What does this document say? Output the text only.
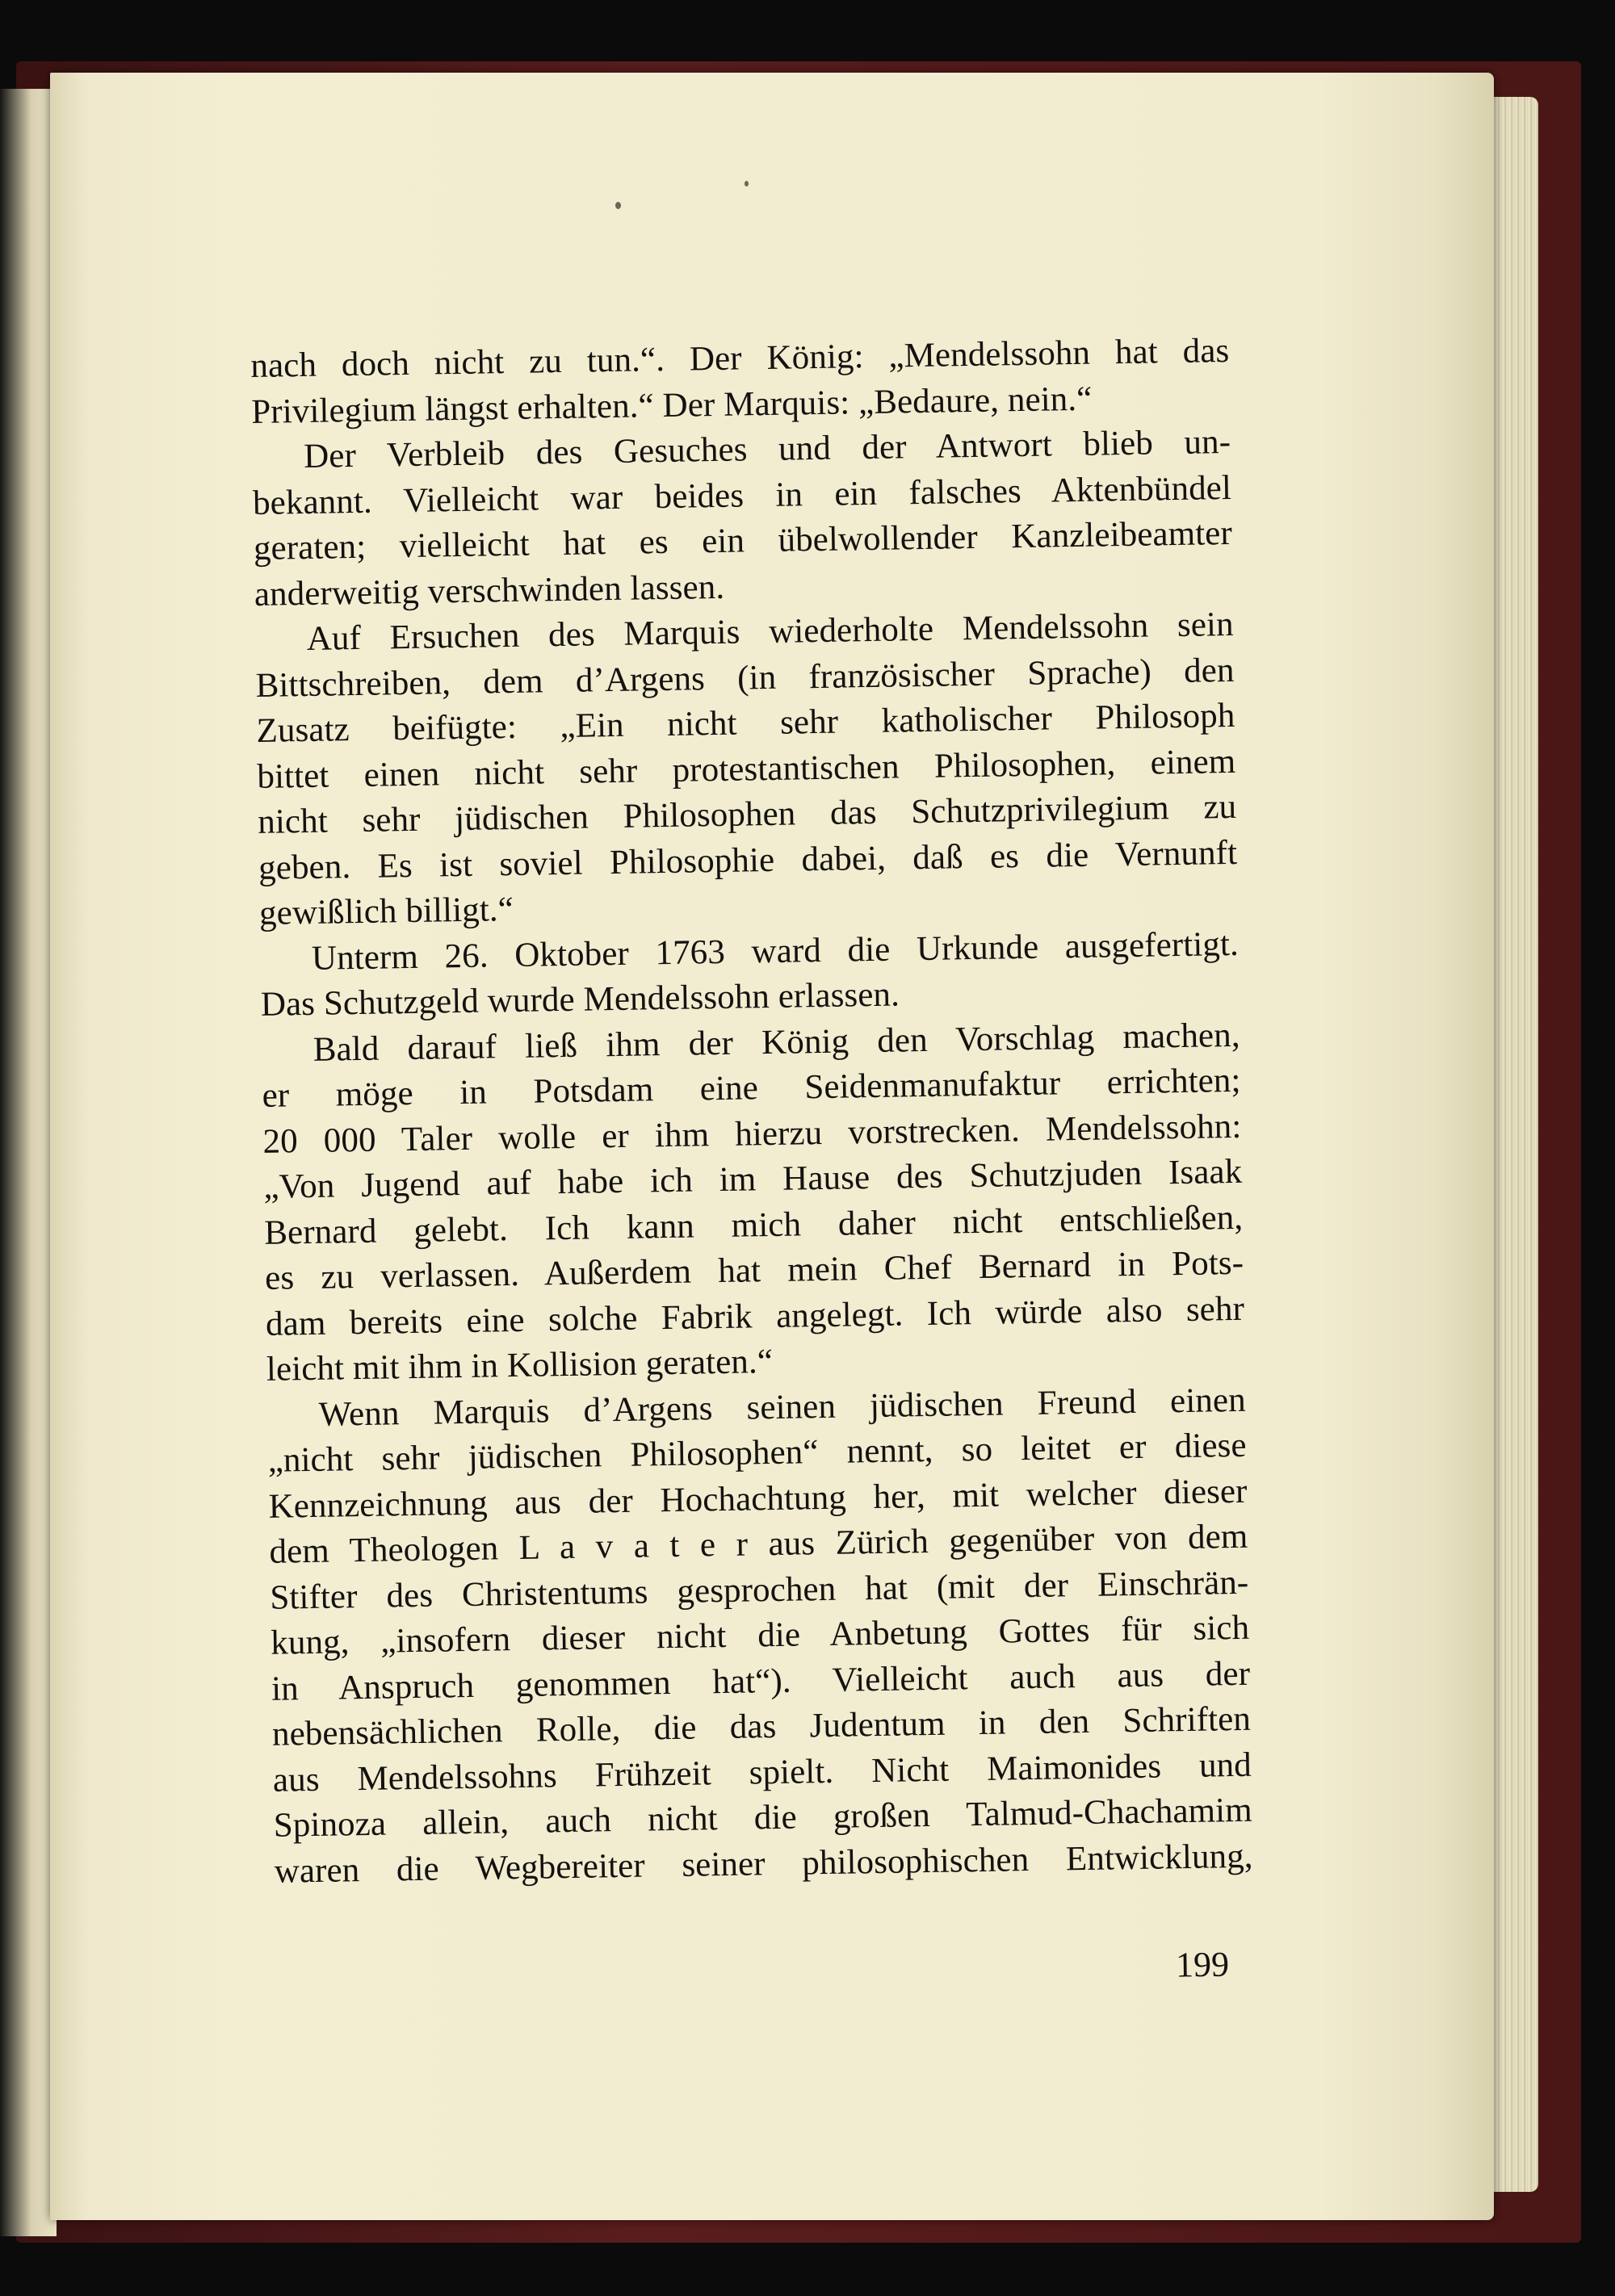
nach doch nicht zu tun.“. Der König: „Mendelssohn hat das
Privilegium längst erhalten.“ Der Marquis: „Bedaure, nein.“
Der Verbleib des Gesuches und der Antwort blieb un-
bekannt. Vielleicht war beides in ein falsches Aktenbündel
geraten; vielleicht hat es ein übelwollender Kanzleibeamter
anderweitig verschwinden lassen.
Auf Ersuchen des Marquis wiederholte Mendelssohn sein
Bittschreiben, dem d’Argens (in französischer Sprache) den
Zusatz beifügte: „Ein nicht sehr katholischer Philosoph
bittet einen nicht sehr protestantischen Philosophen, einem
nicht sehr jüdischen Philosophen das Schutzprivilegium zu
geben. Es ist soviel Philosophie dabei, daß es die Vernunft
gewißlich billigt.“
Unterm 26. Oktober 1763 ward die Urkunde ausgefertigt.
Das Schutzgeld wurde Mendelssohn erlassen.
Bald darauf ließ ihm der König den Vorschlag machen,
er möge in Potsdam eine Seidenmanufaktur errichten;
20 000 Taler wolle er ihm hierzu vorstrecken. Mendelssohn:
„Von Jugend auf habe ich im Hause des Schutzjuden Isaak
Bernard gelebt. Ich kann mich daher nicht entschließen,
es zu verlassen. Außerdem hat mein Chef Bernard in Pots-
dam bereits eine solche Fabrik angelegt. Ich würde also sehr
leicht mit ihm in Kollision geraten.“
Wenn Marquis d’Argens seinen jüdischen Freund einen
„nicht sehr jüdischen Philosophen“ nennt, so leitet er diese
Kennzeichnung aus der Hochachtung her, mit welcher dieser
dem Theologen L a v a t e r aus Zürich gegenüber von dem
Stifter des Christentums gesprochen hat (mit der Einschrän-
kung, „insofern dieser nicht die Anbetung Gottes für sich
in Anspruch genommen hat“). Vielleicht auch aus der
nebensächlichen Rolle, die das Judentum in den Schriften
aus Mendelssohns Frühzeit spielt. Nicht Maimonides und
Spinoza allein, auch nicht die großen Talmud-Chachamim
waren die Wegbereiter seiner philosophischen Entwicklung,
199
